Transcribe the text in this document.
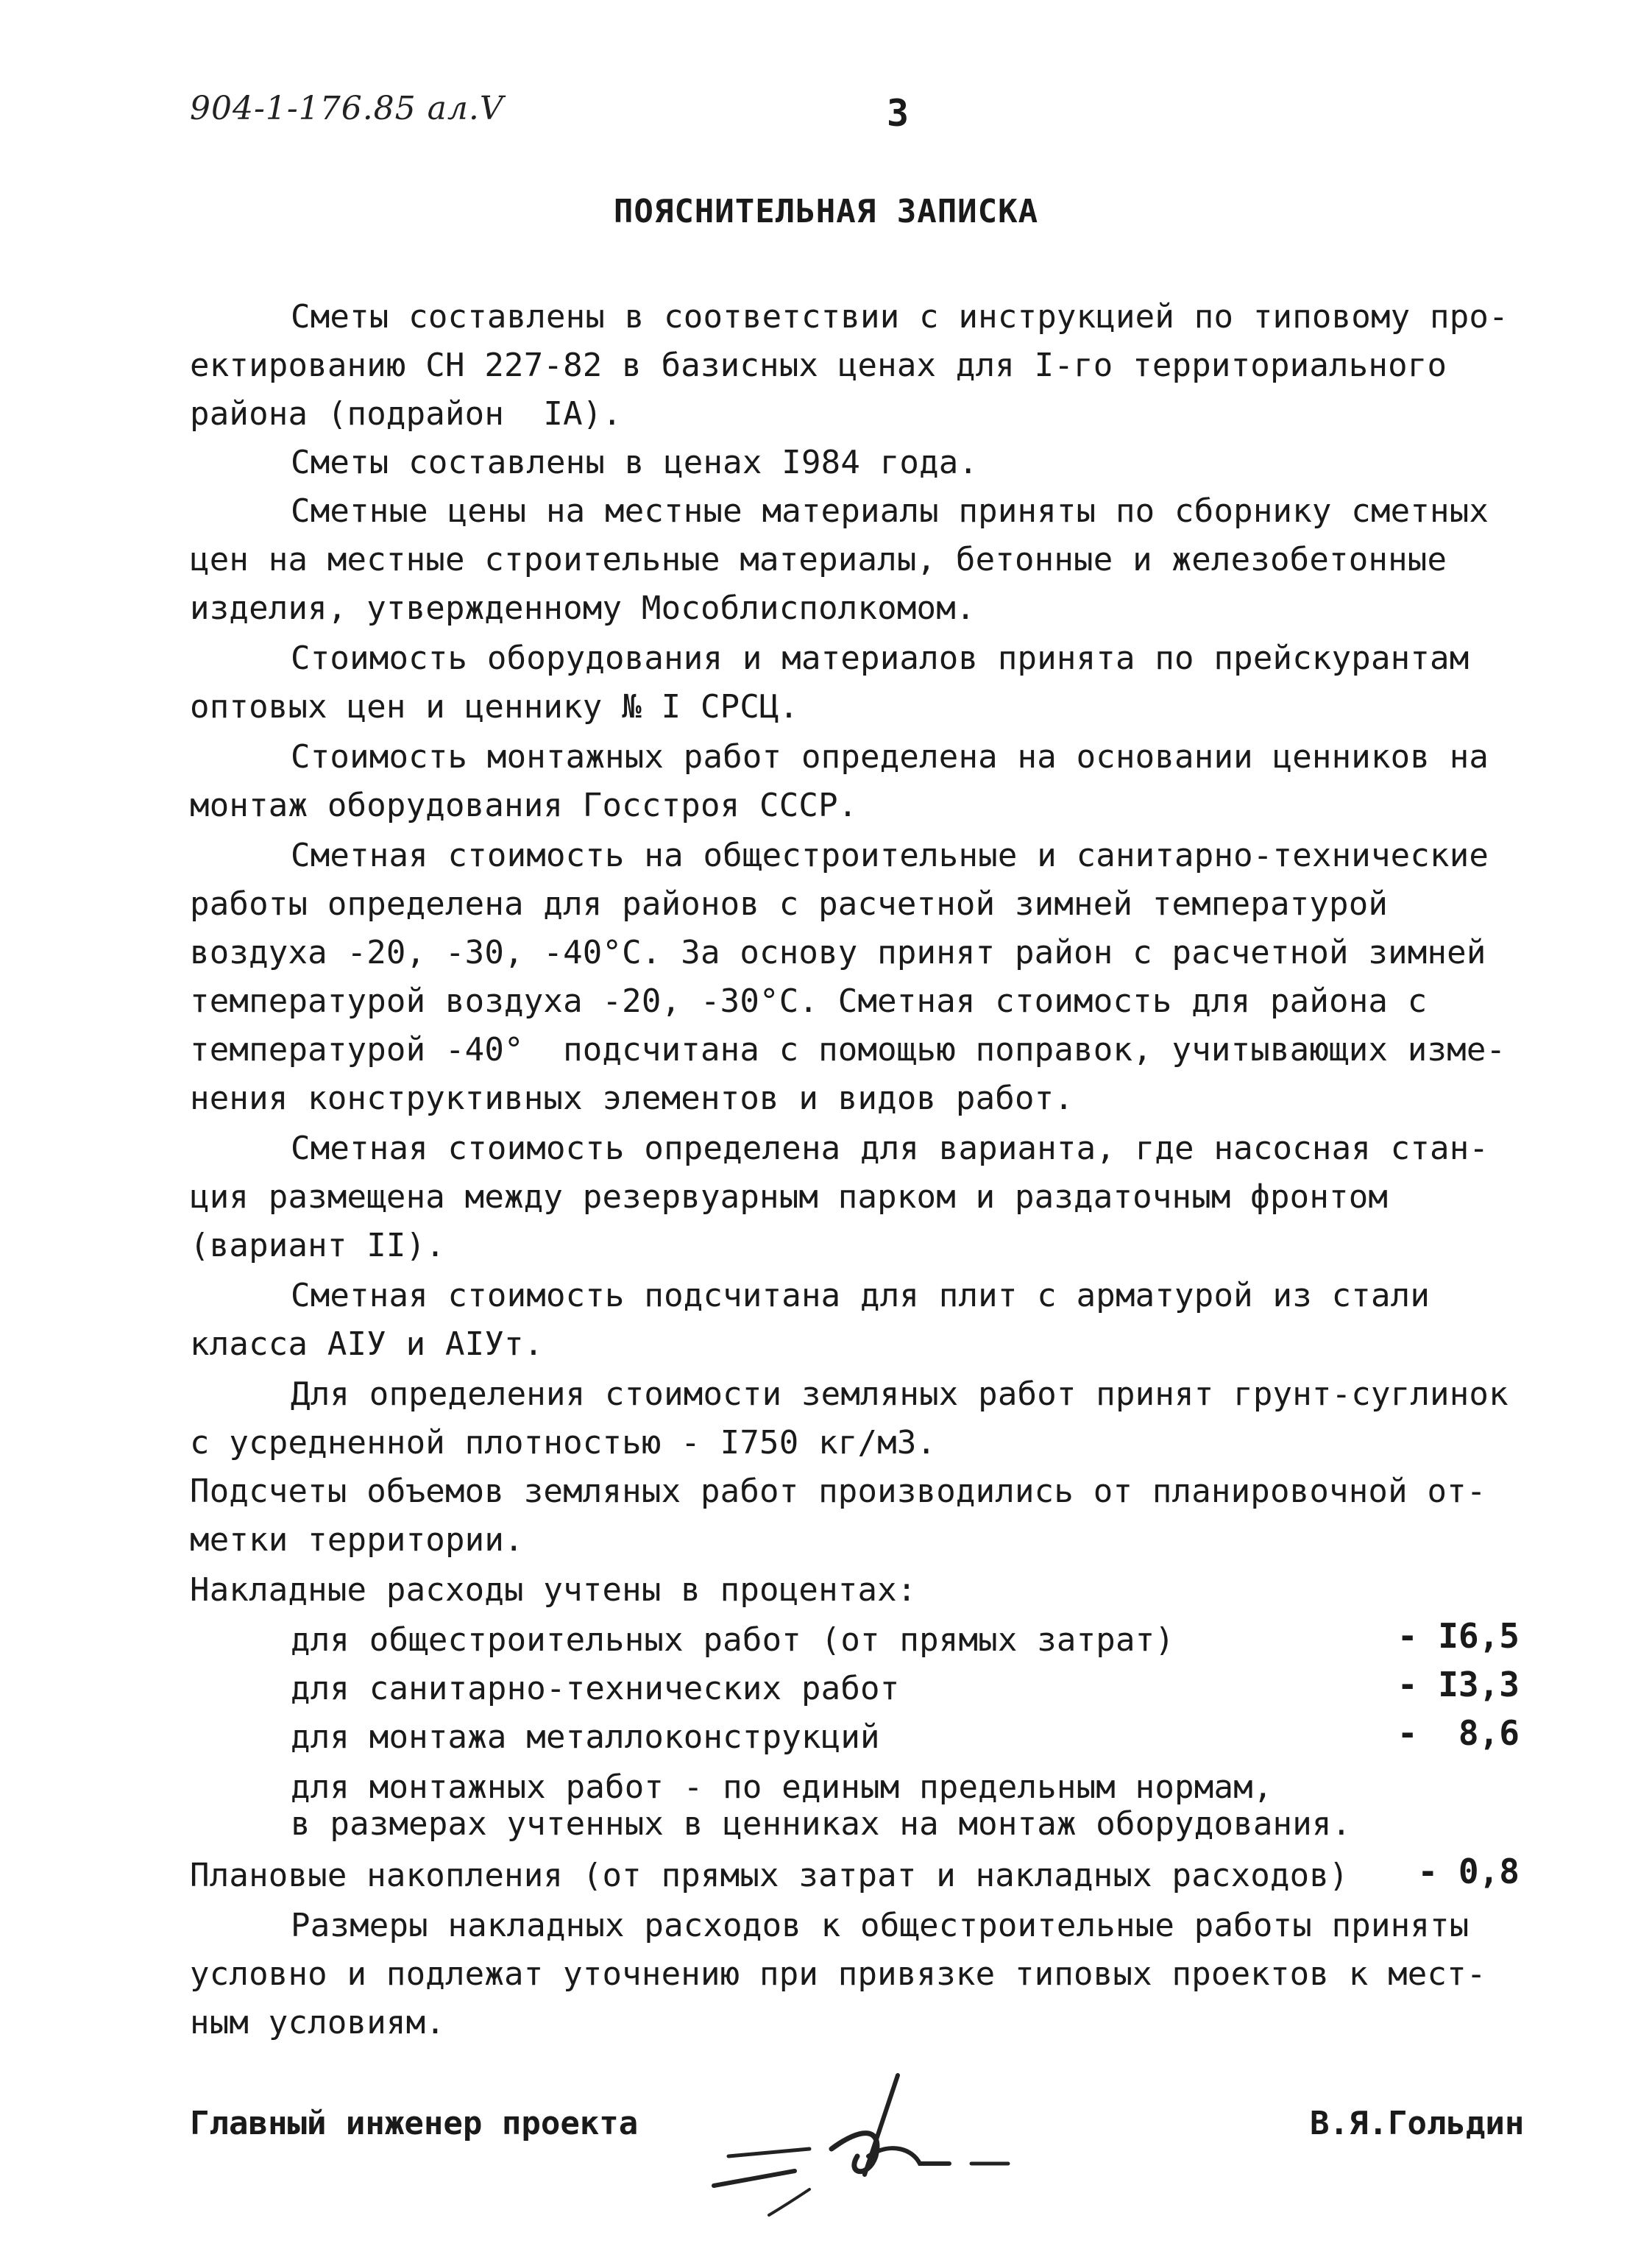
904-1-176.85 ал.V	3
ПОЯСНИТЕЛЬНАЯ ЗАПИСКА
Сметы составлены в соответствии с инструкцией по типовому про-
ектированию СН 227-82 в базисных ценах для I-го территориального
района (подрайон  IA).
Сметы составлены в ценах I984 года.
Сметные цены на местные материалы приняты по сборнику сметных
цен на местные строительные материалы, бетонные и железобетонные
изделия, утвержденному Мособлисполкомом.
Стоимость оборудования и материалов принята по прейскурантам
оптовых цен и ценнику № I СРСЦ.
Стоимость монтажных работ определена на основании ценников на
монтаж оборудования Госстроя СССР.
Сметная стоимость на общестроительные и санитарно-технические
работы определена для районов с расчетной зимней температурой
воздуха -20, -30, -40°С. За основу принят район с расчетной зимней
температурой воздуха -20, -30°С. Сметная стоимость для района с
температурой -40°  подсчитана с помощью поправок, учитывающих изме-
нения конструктивных элементов и видов работ.
Сметная стоимость определена для варианта, где насосная стан-
ция размещена между резервуарным парком и раздаточным фронтом
(вариант II).
Сметная стоимость подсчитана для плит с арматурой из стали
класса AIУ и AIУт.
Для определения стоимости земляных работ принят грунт-суглинок
с усредненной плотностью - I750 кг/м3.
Подсчеты объемов земляных работ производились от планировочной от-
метки территории.
Накладные расходы учтены в процентах:
для общестроительных работ (от прямых затрат)	- I6,5
для санитарно-технических работ	- I3,3
для монтажа металлоконструкций	-  8,6
для монтажных работ - по единым предельным нормам,
в размерах учтенных в ценниках на монтаж оборудования.
Плановые накопления (от прямых затрат и накладных расходов) - 0,8
Размеры накладных расходов к общестроительные работы приняты
условно и подлежат уточнению при привязке типовых проектов к мест-
ным условиям.
Главный инженер проекта	В.Я.Гольдин
